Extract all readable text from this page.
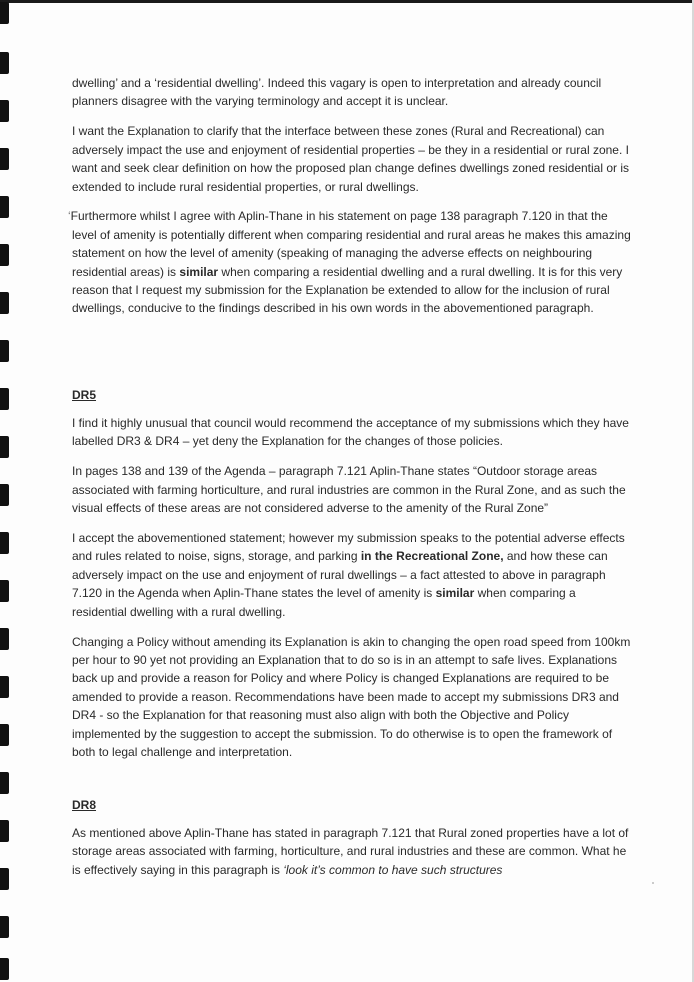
dwelling’ and a ‘residential dwelling’. Indeed this vagary is open to interpretation and already council planners disagree with the varying terminology and accept it is unclear.

I want the Explanation to clarify that the interface between these zones (Rural and Recreational) can adversely impact the use and enjoyment of residential properties – be they in a residential or rural zone. I want and seek clear definition on how the proposed plan change defines dwellings zoned residential or is extended to include rural residential properties, or rural dwellings.

‘Furthermore whilst I agree with Aplin-Thane in his statement on page 138 paragraph 7.120 in that the level of amenity is potentially different when comparing residential and rural areas he makes this amazing statement on how the level of amenity (speaking of managing the adverse effects on neighbouring residential areas) is similar when comparing a residential dwelling and a rural dwelling. It is for this very reason that I request my submission for the Explanation be extended to allow for the inclusion of rural dwellings, conducive to the findings described in his own words in the abovementioned paragraph.

DR5

I find it highly unusual that council would recommend the acceptance of my submissions which they have labelled DR3 & DR4 – yet deny the Explanation for the changes of those policies.

In pages 138 and 139 of the Agenda – paragraph 7.121 Aplin-Thane states “Outdoor storage areas associated with farming horticulture, and rural industries are common in the Rural Zone, and as such the visual effects of these areas are not considered adverse to the amenity of the Rural Zone”

I accept the abovementioned statement; however my submission speaks to the potential adverse effects and rules related to noise, signs, storage, and parking in the Recreational Zone, and how these can adversely impact on the use and enjoyment of rural dwellings – a fact attested to above in paragraph 7.120 in the Agenda when Aplin-Thane states the level of amenity is similar when comparing a residential dwelling with a rural dwelling.

Changing a Policy without amending its Explanation is akin to changing the open road speed from 100km per hour to 90 yet not providing an Explanation that to do so is in an attempt to safe lives. Explanations back up and provide a reason for Policy and where Policy is changed Explanations are required to be amended to provide a reason. Recommendations have been made to accept my submissions DR3 and DR4 - so the Explanation for that reasoning must also align with both the Objective and Policy implemented by the suggestion to accept the submission. To do otherwise is to open the framework of both to legal challenge and interpretation.

DR8

As mentioned above Aplin-Thane has stated in paragraph 7.121 that Rural zoned properties have a lot of storage areas associated with farming, horticulture, and rural industries and these are common. What he is effectively saying in this paragraph is ‘look it’s common to have such structures
